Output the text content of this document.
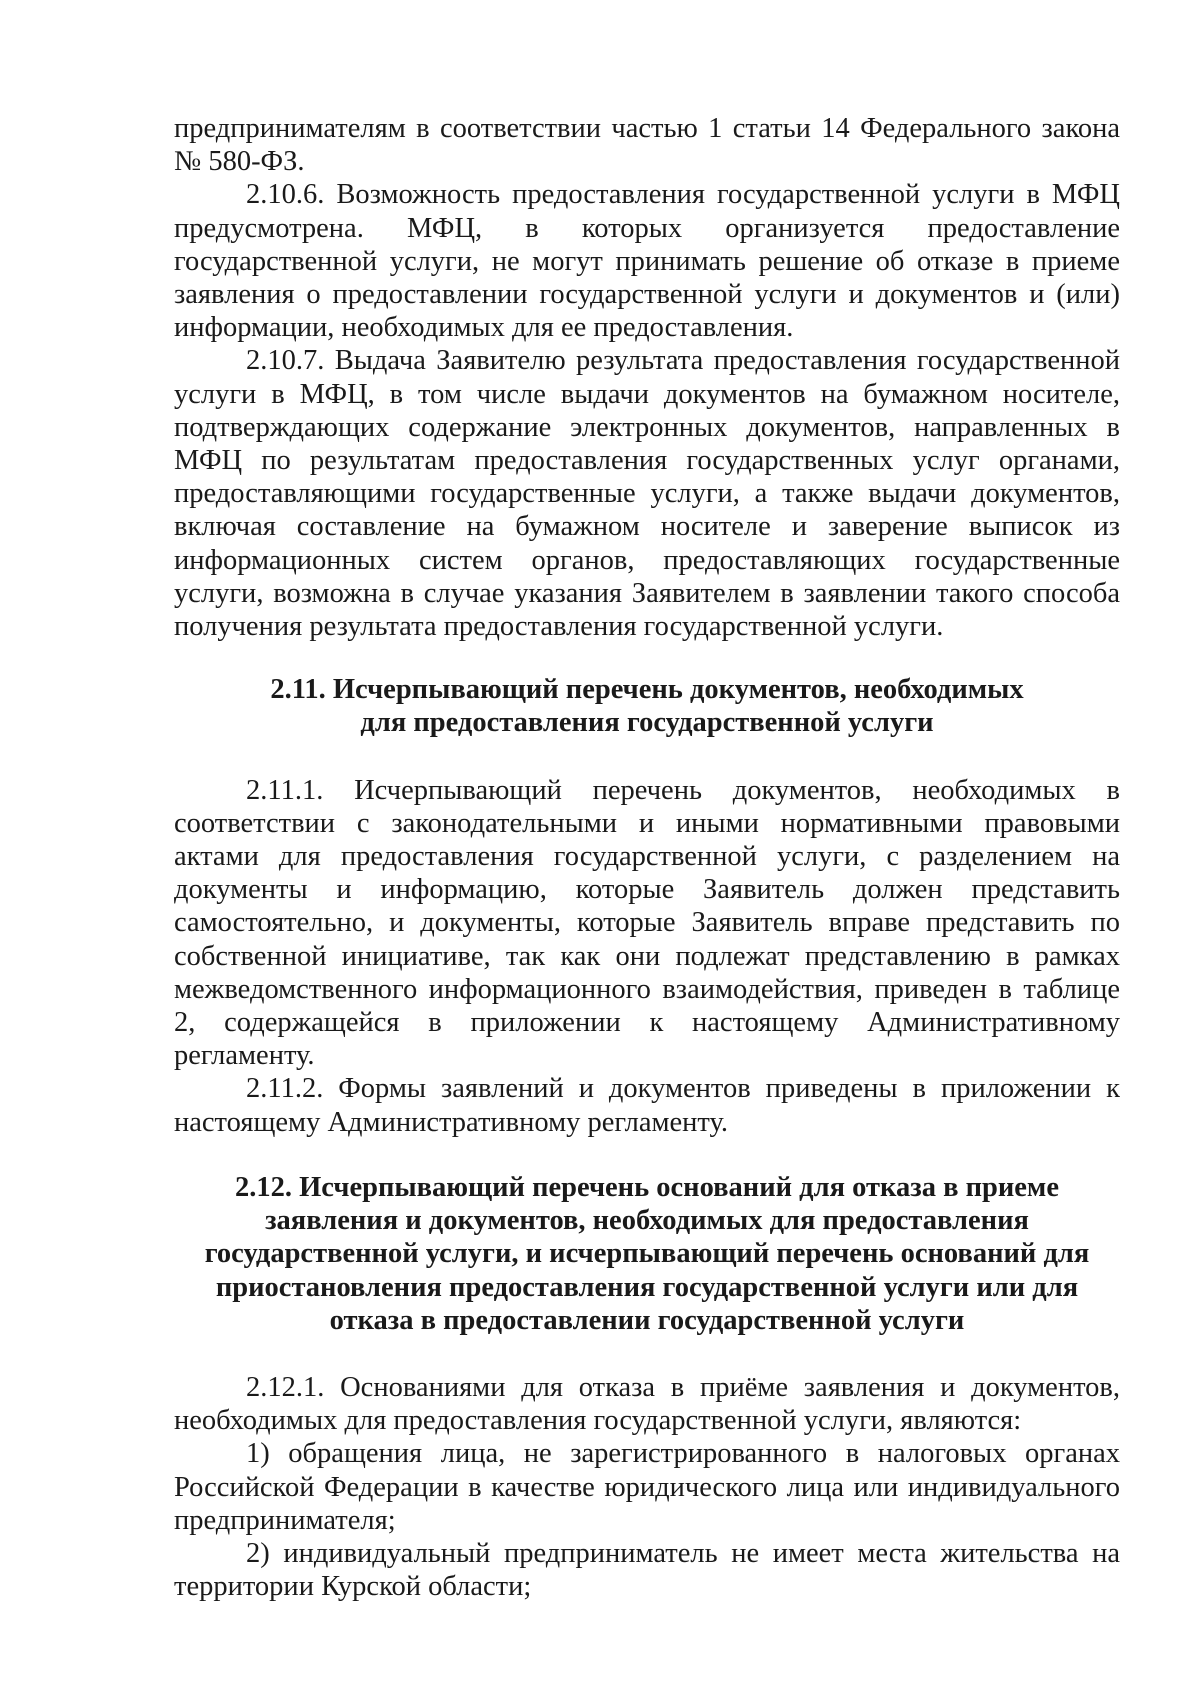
предпринимателям в соответствии частью 1 статьи 14 Федерального закона № 580-ФЗ.

2.10.6. Возможность предоставления государственной услуги в МФЦ предусмотрена. МФЦ, в которых организуется предоставление государственной услуги, не могут принимать решение об отказе в приеме заявления о предоставлении государственной услуги и документов и (или) информации, необходимых для ее предоставления.

2.10.7. Выдача Заявителю результата предоставления государственной услуги в МФЦ, в том числе выдачи документов на бумажном носителе, подтверждающих содержание электронных документов, направленных в МФЦ по результатам предоставления государственных услуг органами, предоставляющими государственные услуги, а также выдачи документов, включая составление на бумажном носителе и заверение выписок из информационных систем органов, предоставляющих государственные услуги, возможна в случае указания Заявителем в заявлении такого способа получения результата предоставления государственной услуги.

2.11. Исчерпывающий перечень документов, необходимых
для предоставления государственной услуги

2.11.1. Исчерпывающий перечень документов, необходимых в соответствии с законодательными и иными нормативными правовыми актами для предоставления государственной услуги, с разделением на документы и информацию, которые Заявитель должен представить самостоятельно, и документы, которые Заявитель вправе представить по собственной инициативе, так как они подлежат представлению в рамках межведомственного информационного взаимодействия, приведен в таблице 2, содержащейся в приложении к настоящему Административному регламенту.

2.11.2. Формы заявлений и документов приведены в приложении к настоящему Административному регламенту.

2.12. Исчерпывающий перечень оснований для отказа в приеме
заявления и документов, необходимых для предоставления
государственной услуги, и исчерпывающий перечень оснований для
приостановления предоставления государственной услуги или для
отказа в предоставлении государственной услуги

2.12.1. Основаниями для отказа в приёме заявления и документов, необходимых для предоставления государственной услуги, являются:

1) обращения лица, не зарегистрированного в налоговых органах Российской Федерации в качестве юридического лица или индивидуального предпринимателя;

2) индивидуальный предприниматель не имеет места жительства на территории Курской области;
